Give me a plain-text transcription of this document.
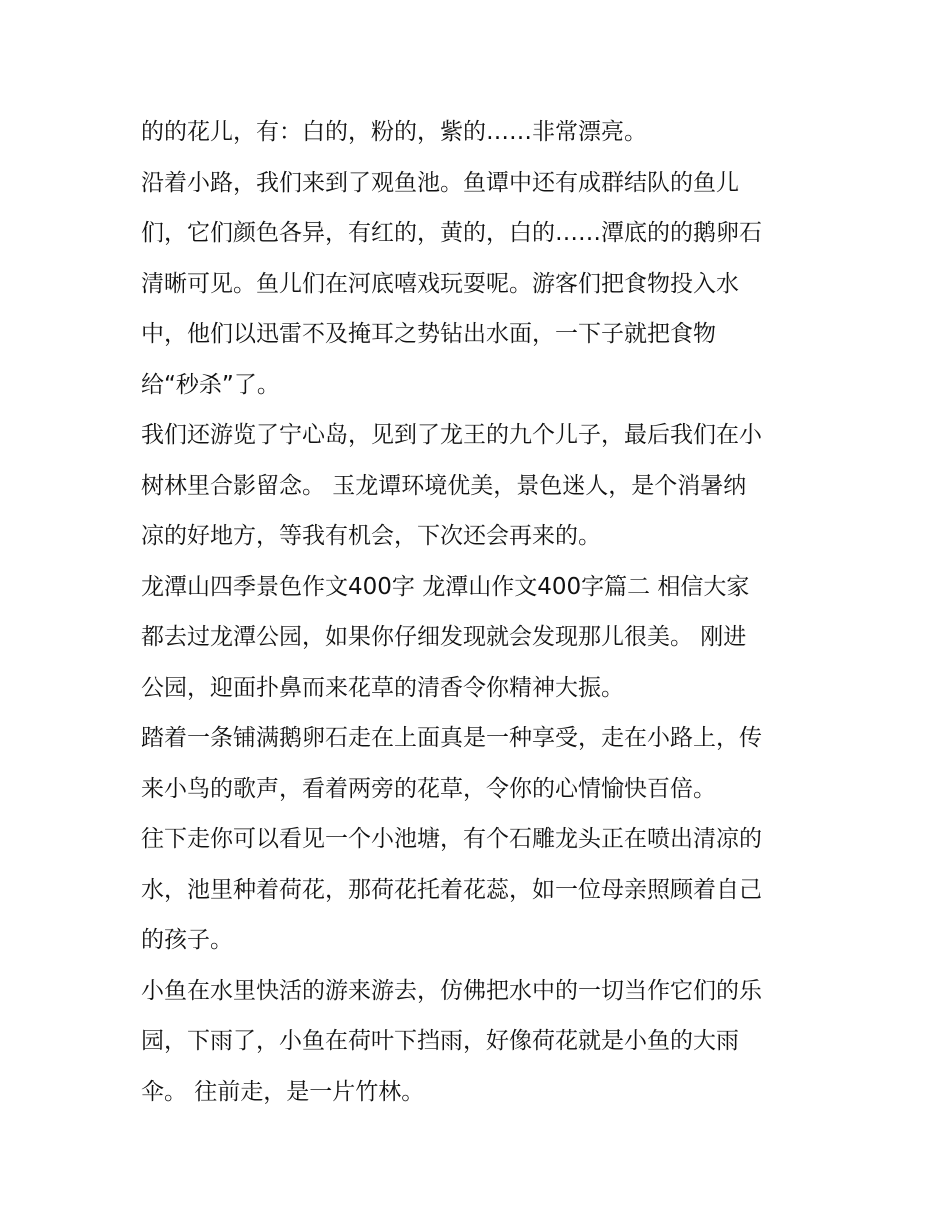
的的花儿，有：白的，粉的，紫的……非常漂亮。
沿着小路，我们来到了观鱼池。鱼谭中还有成群结队的鱼儿
们，它们颜色各异，有红的，黄的，白的……潭底的的鹅卵石
清晰可见。鱼儿们在河底嘻戏玩耍呢。游客们把食物投入水
中，他们以迅雷不及掩耳之势钻出水面，一下子就把食物
给“秒杀”了。
我们还游览了宁心岛，见到了龙王的九个儿子，最后我们在小
树林里合影留念。 玉龙谭环境优美，景色迷人，是个消暑纳
凉的好地方，等我有机会，下次还会再来的。
龙潭山四季景色作文400字 龙潭山作文400字篇二 相信大家
都去过龙潭公园，如果你仔细发现就会发现那儿很美。 刚进
公园，迎面扑鼻而来花草的清香令你精神大振。
踏着一条铺满鹅卵石走在上面真是一种享受，走在小路上，传
来小鸟的歌声，看着两旁的花草，令你的心情愉快百倍。
往下走你可以看见一个小池塘，有个石雕龙头正在喷出清凉的
水，池里种着荷花，那荷花托着花蕊，如一位母亲照顾着自己
的孩子。
小鱼在水里快活的游来游去，仿佛把水中的一切当作它们的乐
园，下雨了，小鱼在荷叶下挡雨，好像荷花就是小鱼的大雨
伞。 往前走，是一片竹林。
